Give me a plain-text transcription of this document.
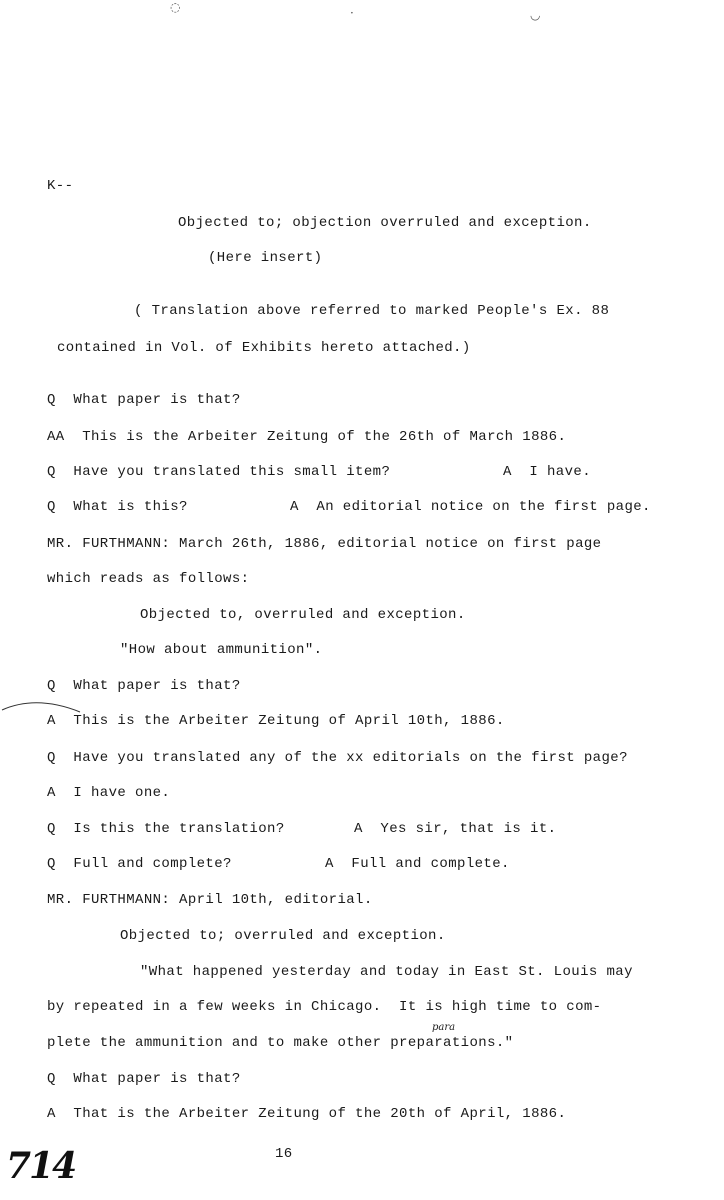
◌	·	◡
K--
Objected to; objection overruled and exception.
(Here insert)
( Translation above referred to marked People's Ex. 88
contained in Vol. of Exhibits hereto attached.)
Q  What paper is that?
AA  This is the Arbeiter Zeitung of the 26th of March 1886.
Q  Have you translated this small item?	A  I have.
Q  What is this?	A  An editorial notice on the first page.
MR. FURTHMANN: March 26th, 1886, editorial notice on first page
which reads as follows:
Objected to, overruled and exception.
"How about ammunition".
Q  What paper is that?
A  This is the Arbeiter Zeitung of April 10th, 1886.
Q  Have you translated any of the xx editorials on the first page?
A  I have one.
Q  Is this the translation?	A  Yes sir, that is it.
Q  Full and complete?	A  Full and complete.
MR. FURTHMANN: April 10th, editorial.
Objected to; overruled and exception.
"What happened yesterday and today in East St. Louis may
by repeated in a few weeks in Chicago.  It is high time to com-
plete the ammunition and to make other preparations."
para
Q  What paper is that?
A  That is the Arbeiter Zeitung of the 20th of April, 1886.
714	16
